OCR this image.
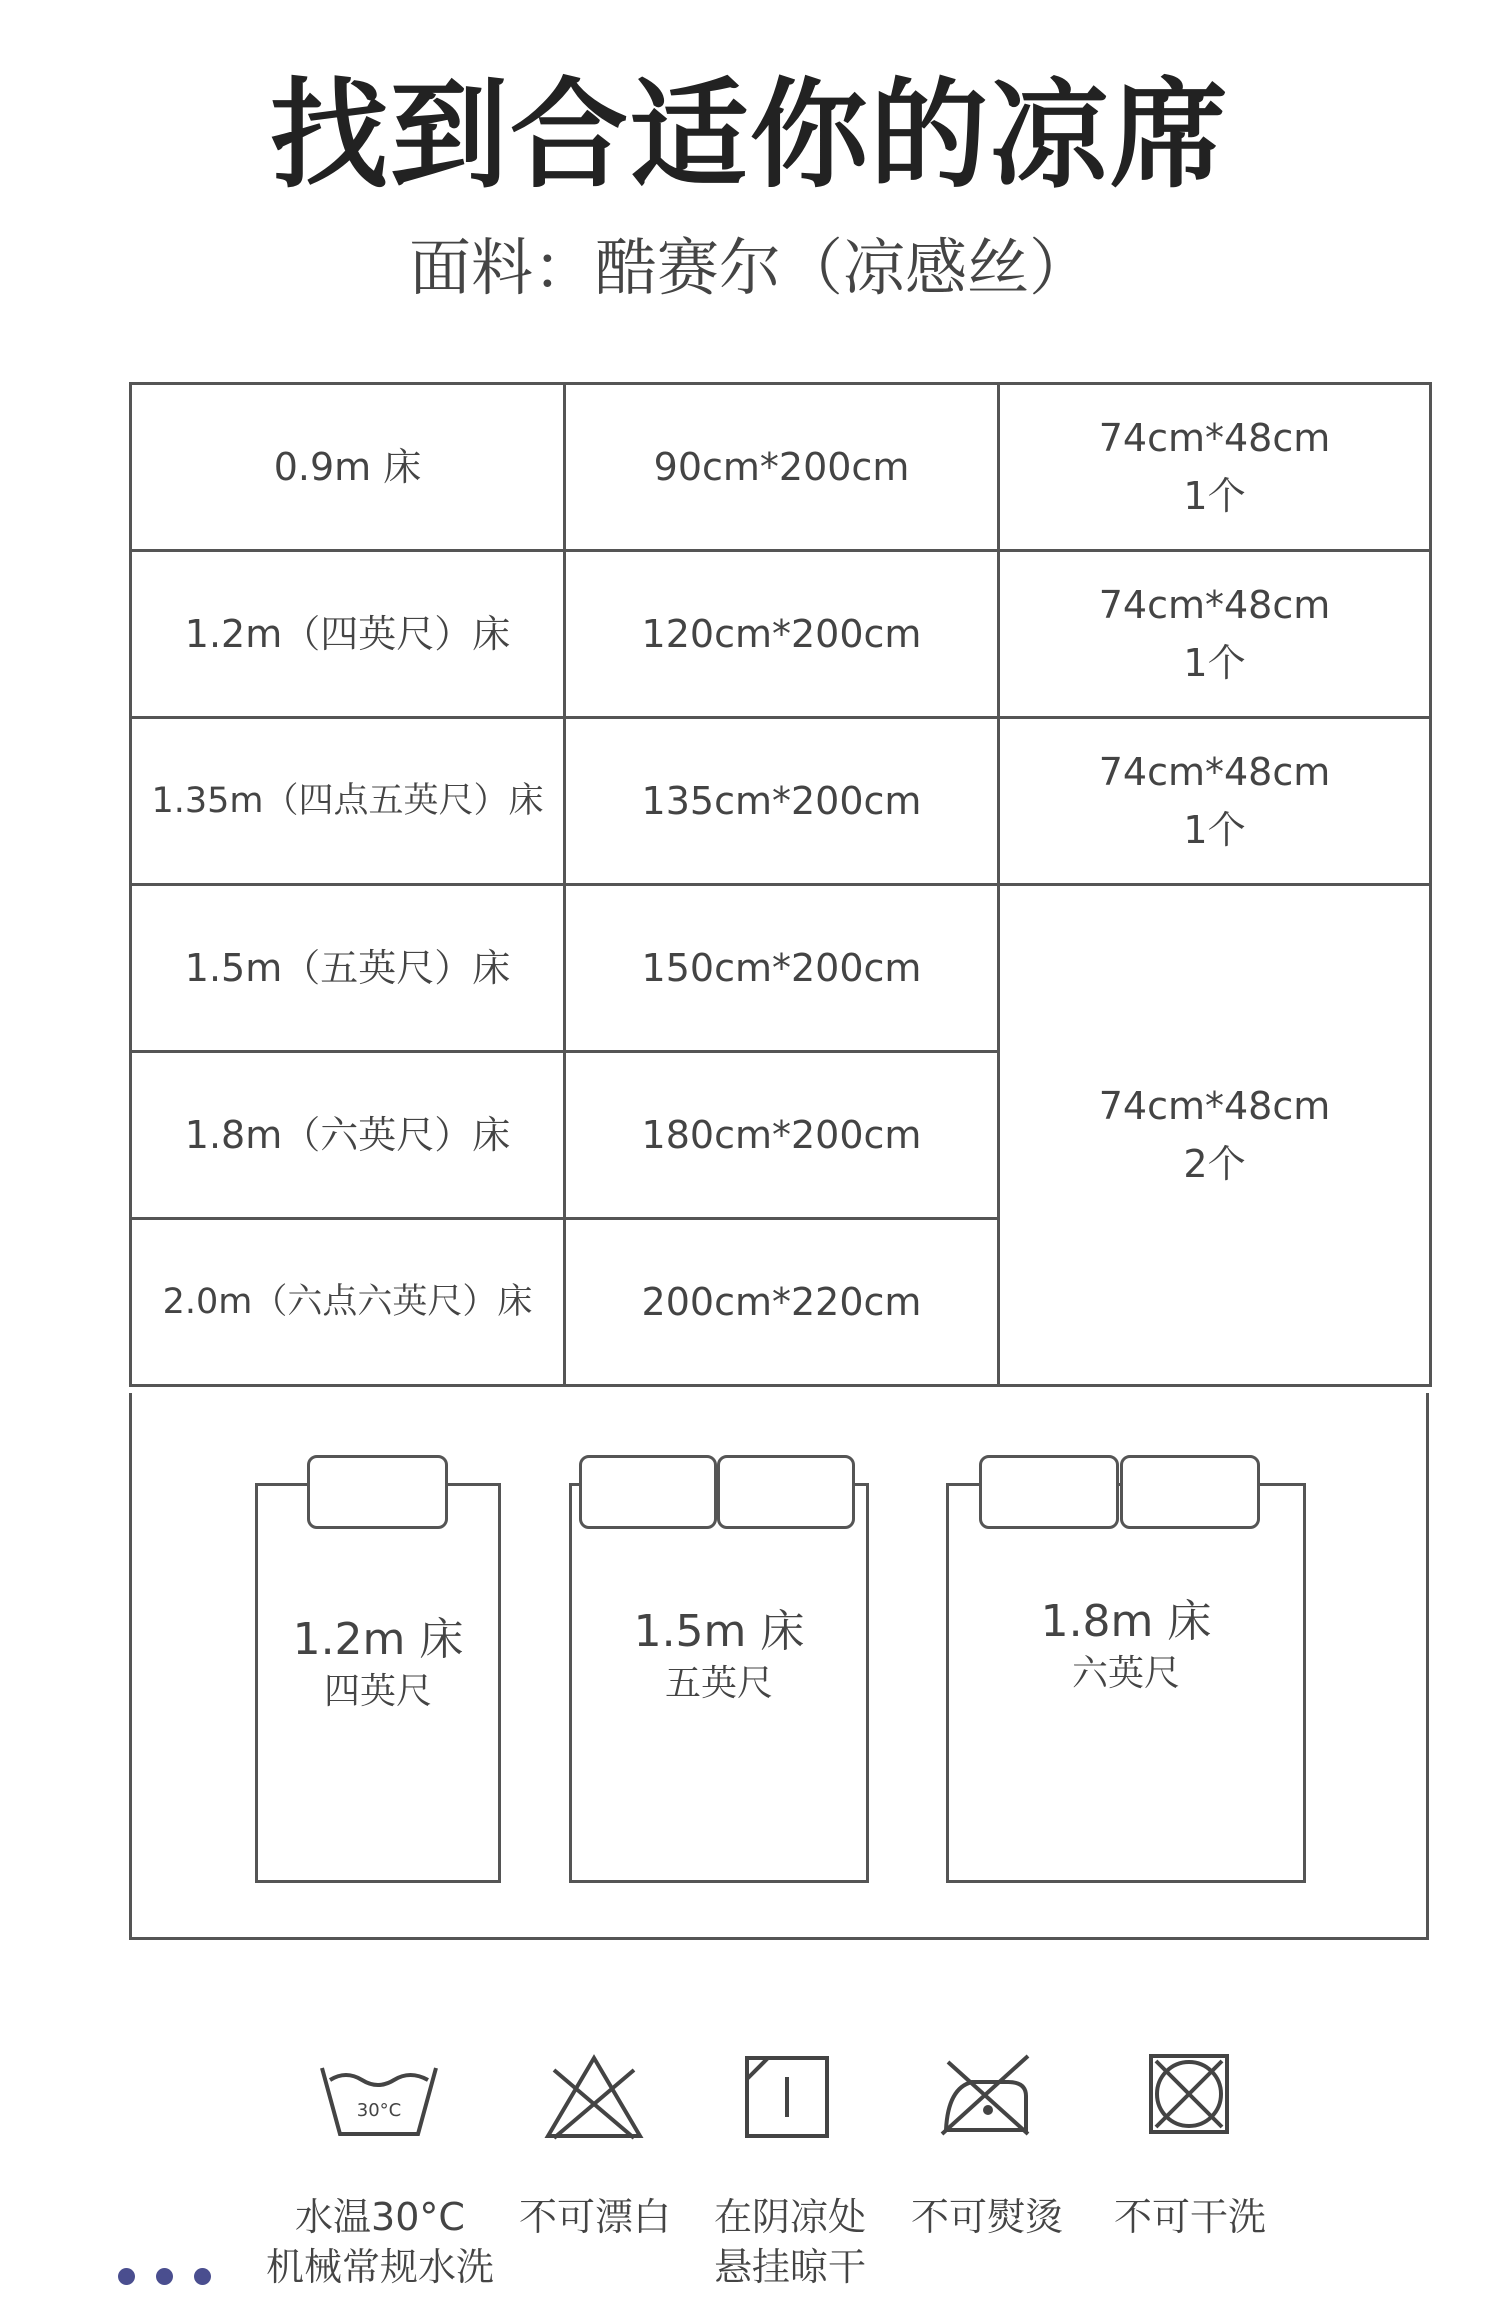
找到合适你的凉席
面料：酷赛尔（凉感丝）
0.9m 床	90cm*200cm	74cm*48cm
1个
1.2m（四英尺）床	120cm*200cm	74cm*48cm
1个
1.35m（四点五英尺）床	135cm*200cm	74cm*48cm
1个
1.5m（五英尺）床	150cm*200cm	74cm*48cm
2个
1.8m（六英尺）床	180cm*200cm	
2.0m（六点六英尺）床	200cm*220cm	
1.2m 床
四英尺
1.5m 床
五英尺
1.8m 床
六英尺
30°C
水温30°C
机械常规水洗
不可漂白	在阴凉处
悬挂晾干
不可熨烫	不可干洗
